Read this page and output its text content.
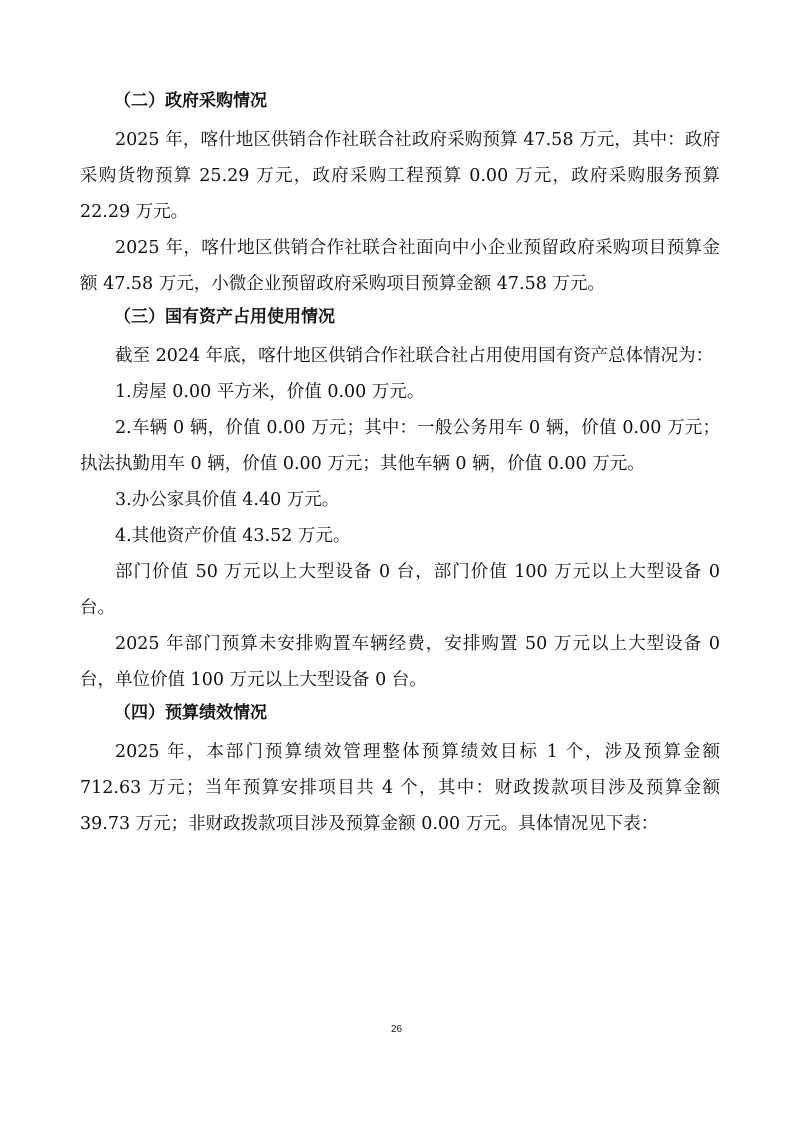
（二）政府采购情况

2025 年，喀什地区供销合作社联合社政府采购预算 47.58 万元，其中：政府采购货物预算 25.29 万元，政府采购工程预算 0.00 万元，政府采购服务预算 22.29 万元。

2025 年，喀什地区供销合作社联合社面向中小企业预留政府采购项目预算金额 47.58 万元，小微企业预留政府采购项目预算金额 47.58 万元。

（三）国有资产占用使用情况

截至 2024 年底，喀什地区供销合作社联合社占用使用国有资产总体情况为：

1.房屋 0.00 平方米，价值 0.00 万元。

2.车辆 0 辆，价值 0.00 万元；其中：一般公务用车 0 辆，价值 0.00 万元；执法执勤用车 0 辆，价值 0.00 万元；其他车辆 0 辆，价值 0.00 万元。

3.办公家具价值 4.40 万元。

4.其他资产价值 43.52 万元。

部门价值 50 万元以上大型设备 0 台，部门价值 100 万元以上大型设备 0 台。

2025 年部门预算未安排购置车辆经费，安排购置 50 万元以上大型设备 0 台，单位价值 100 万元以上大型设备 0 台。

（四）预算绩效情况

2025 年，本部门预算绩效管理整体预算绩效目标 1 个，涉及预算金额 712.63 万元；当年预算安排项目共 4 个，其中：财政拨款项目涉及预算金额 39.73 万元；非财政拨款项目涉及预算金额 0.00 万元。具体情况见下表：

26
